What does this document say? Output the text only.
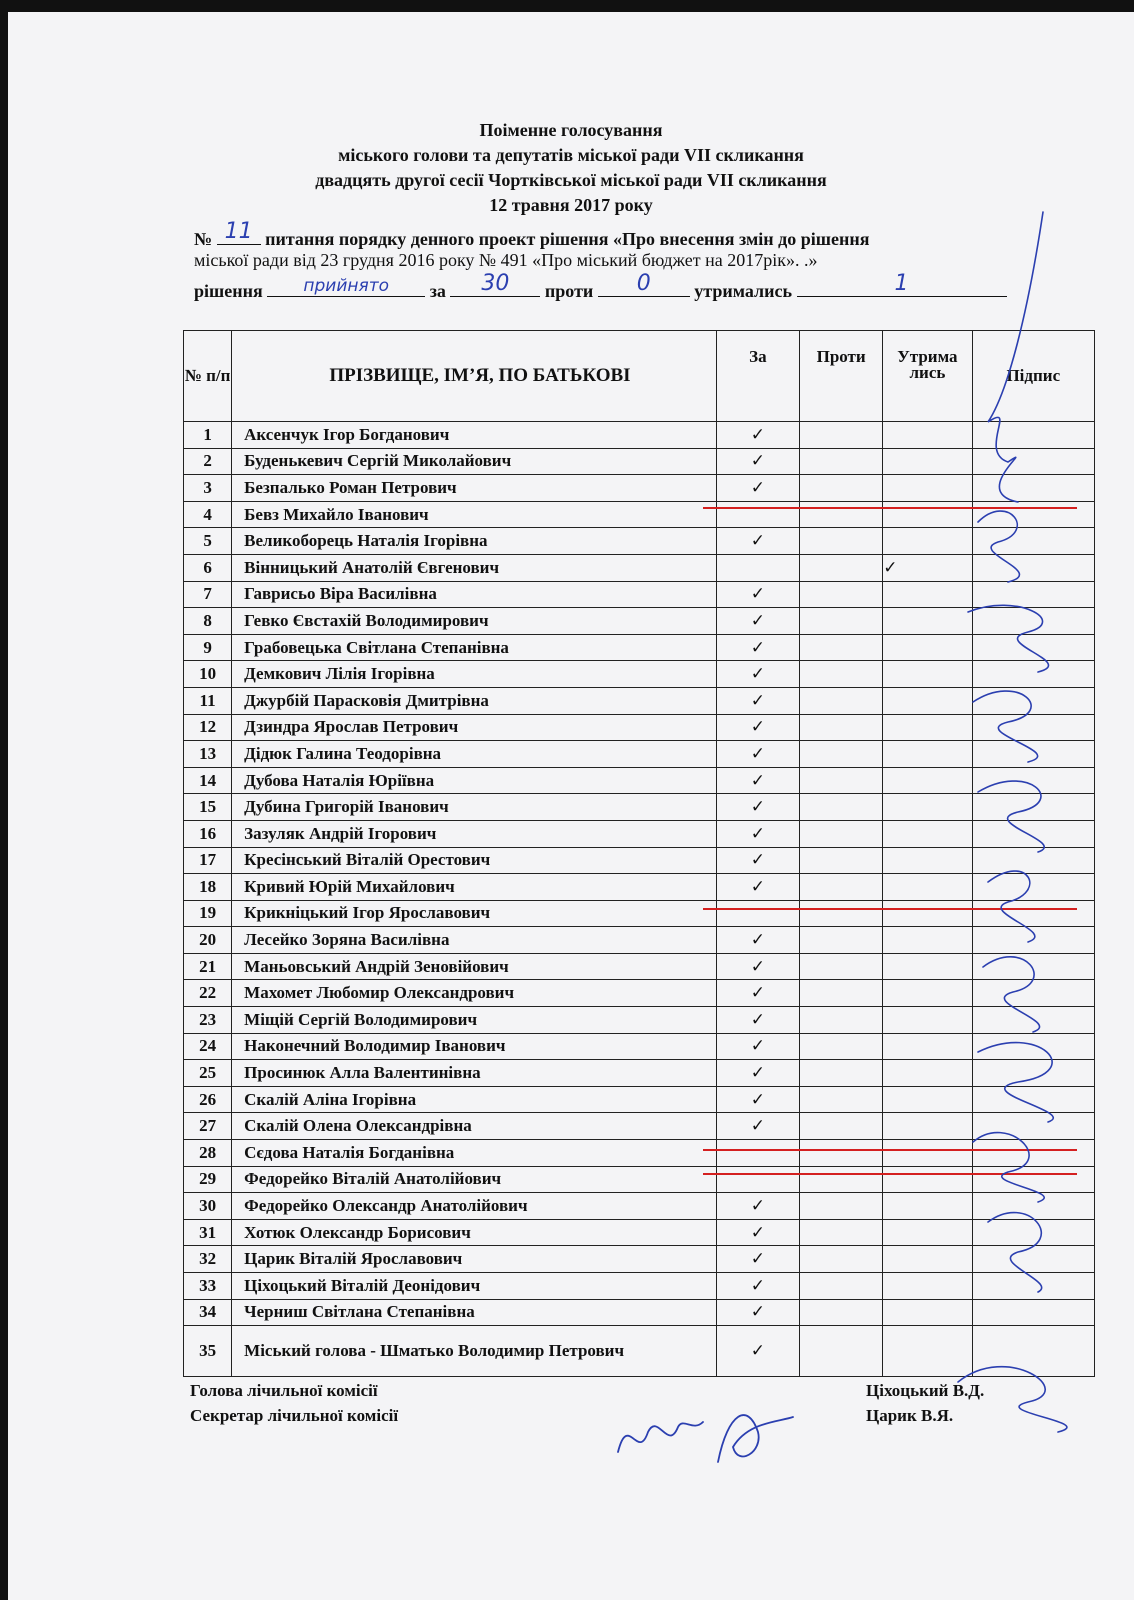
Поіменне голосування
міського голови та депутатів міської ради VII скликання
двадцять другої сесії Чортківської міської ради VII скликання
12 травня 2017 року
№ 11 питання порядку денного проект рішення «Про внесення змін до рішення
міської ради від 23 грудня 2016 року № 491 «Про міський бюджет на 2017рік». .»
рішення	прийнято	за	30	проти	0	утримались	1
№ п/п	ПРІЗВИЩЕ, ІМ’Я, ПО БАТЬКОВІ	За	Проти	Утрима лись	Підпис
1	Аксенчук Ігор Богданович	✓			
2	Буденькевич Сергій Миколайович	✓			
3	Безпалько Роман Петрович	✓			
4	Бевз Михайло Іванович				
5	Великоборець Наталія Ігорівна	✓			
6	Вінницький Анатолій Євгенович			✓	
7	Гаврисьо Віра Василівна	✓			
8	Гевко Євстахій Володимирович	✓			
9	Грабовецька Світлана Степанівна	✓			
10	Демкович Лілія Ігорівна	✓			
11	Джурбій Парасковія Дмитрівна	✓			
12	Дзиндра Ярослав Петрович	✓			
13	Дідюк Галина Теодорівна	✓			
14	Дубова Наталія Юріївна	✓			
15	Дубина Григорій Іванович	✓			
16	Зазуляк Андрій Ігорович	✓			
17	Кресінський Віталій Орестович	✓			
18	Кривий Юрій Михайлович	✓			
19	Крикніцький Ігор Ярославович				
20	Лесейко Зоряна Василівна	✓			
21	Маньовський Андрій Зеновійович	✓			
22	Махомет Любомир Олександрович	✓			
23	Міщій Сергій Володимирович	✓			
24	Наконечний Володимир Іванович	✓			
25	Просинюк Алла Валентинівна	✓			
26	Скалій Аліна Ігорівна	✓			
27	Скалій Олена Олександрівна	✓			
28	Сєдова Наталія Богданівна				
29	Федорейко Віталій Анатолійович				
30	Федорейко Олександр Анатолійович	✓			
31	Хотюк Олександр Борисович	✓			
32	Царик Віталій Ярославович	✓			
33	Ціхоцький Віталій Деонідович	✓			
34	Черниш Світлана Степанівна	✓			
35	Міський голова - Шматько Володимир Петрович	✓			
Голова лічильної комісії
Секретар лічильної комісії
Ціхоцький В.Д.
Царик В.Я.
